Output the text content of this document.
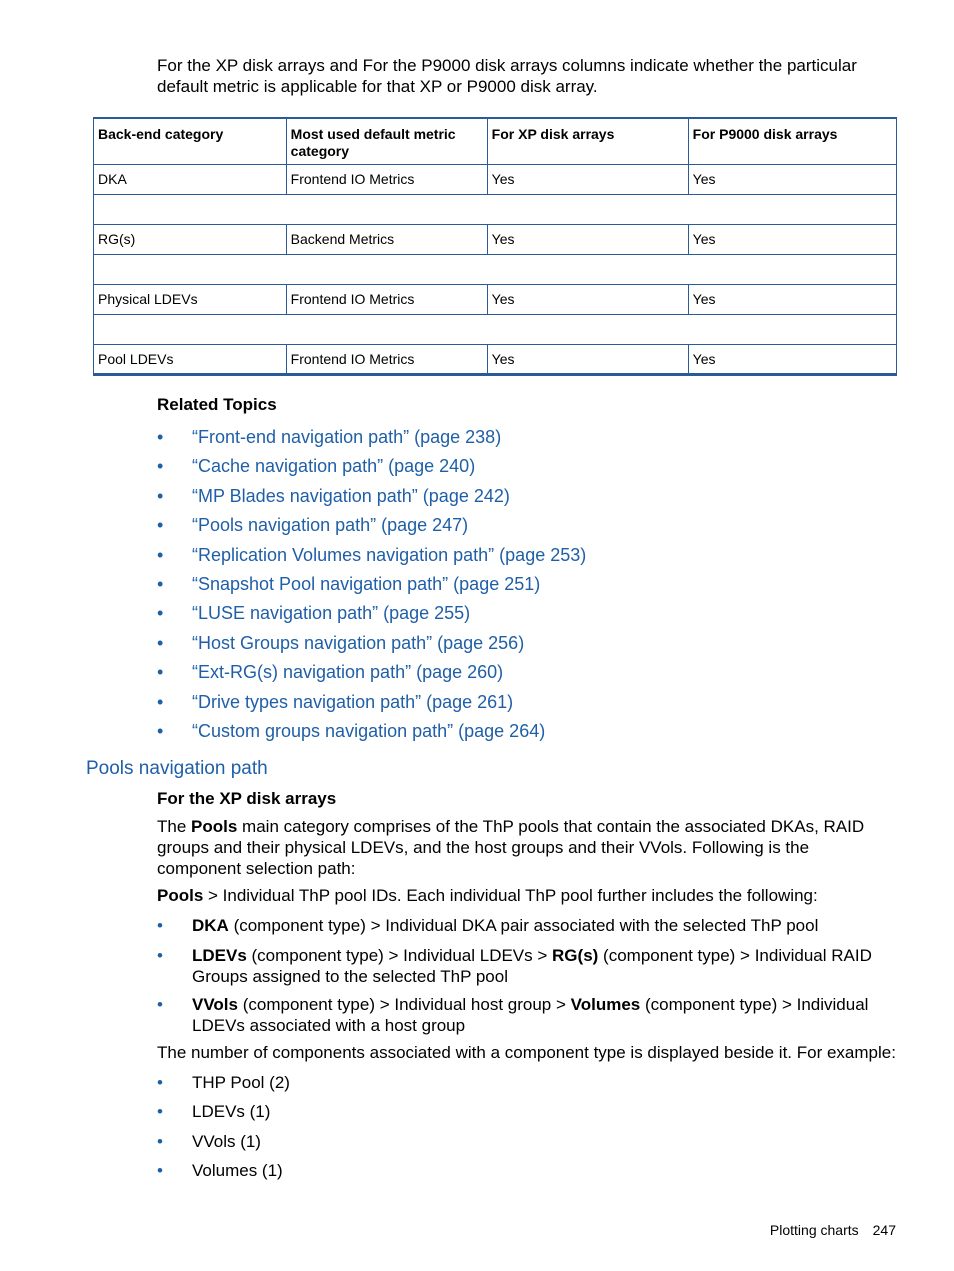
For the XP disk arrays and For the P9000 disk arrays columns indicate whether the particular default metric is applicable for that XP or P9000 disk array.
Back-end category	Most used default metric category	For XP disk arrays	For P9000 disk arrays
DKA	Frontend IO Metrics	Yes	Yes

RG(s)	Backend Metrics	Yes	Yes

Physical LDEVs	Frontend IO Metrics	Yes	Yes

Pool LDEVs	Frontend IO Metrics	Yes	Yes
Related Topics
• “Front-end navigation path” (page 238)
• “Cache navigation path” (page 240)
• “MP Blades navigation path” (page 242)
• “Pools navigation path” (page 247)
• “Replication Volumes navigation path” (page 253)
• “Snapshot Pool navigation path” (page 251)
• “LUSE navigation path” (page 255)
• “Host Groups navigation path” (page 256)
• “Ext-RG(s) navigation path” (page 260)
• “Drive types navigation path” (page 261)
• “Custom groups navigation path” (page 264)
Pools navigation path
For the XP disk arrays
The Pools main category comprises of the ThP pools that contain the associated DKAs, RAID groups and their physical LDEVs, and the host groups and their VVols. Following is the component selection path:
Pools > Individual ThP pool IDs. Each individual ThP pool further includes the following:
• DKA (component type) > Individual DKA pair associated with the selected ThP pool
• LDEVs (component type) > Individual LDEVs > RG(s) (component type) > Individual RAID Groups assigned to the selected ThP pool
• VVols (component type) > Individual host group > Volumes (component type) > Individual LDEVs associated with a host group
The number of components associated with a component type is displayed beside it. For example:
• THP Pool (2)
• LDEVs (1)
• VVols (1)
• Volumes (1)
Plotting charts 247
